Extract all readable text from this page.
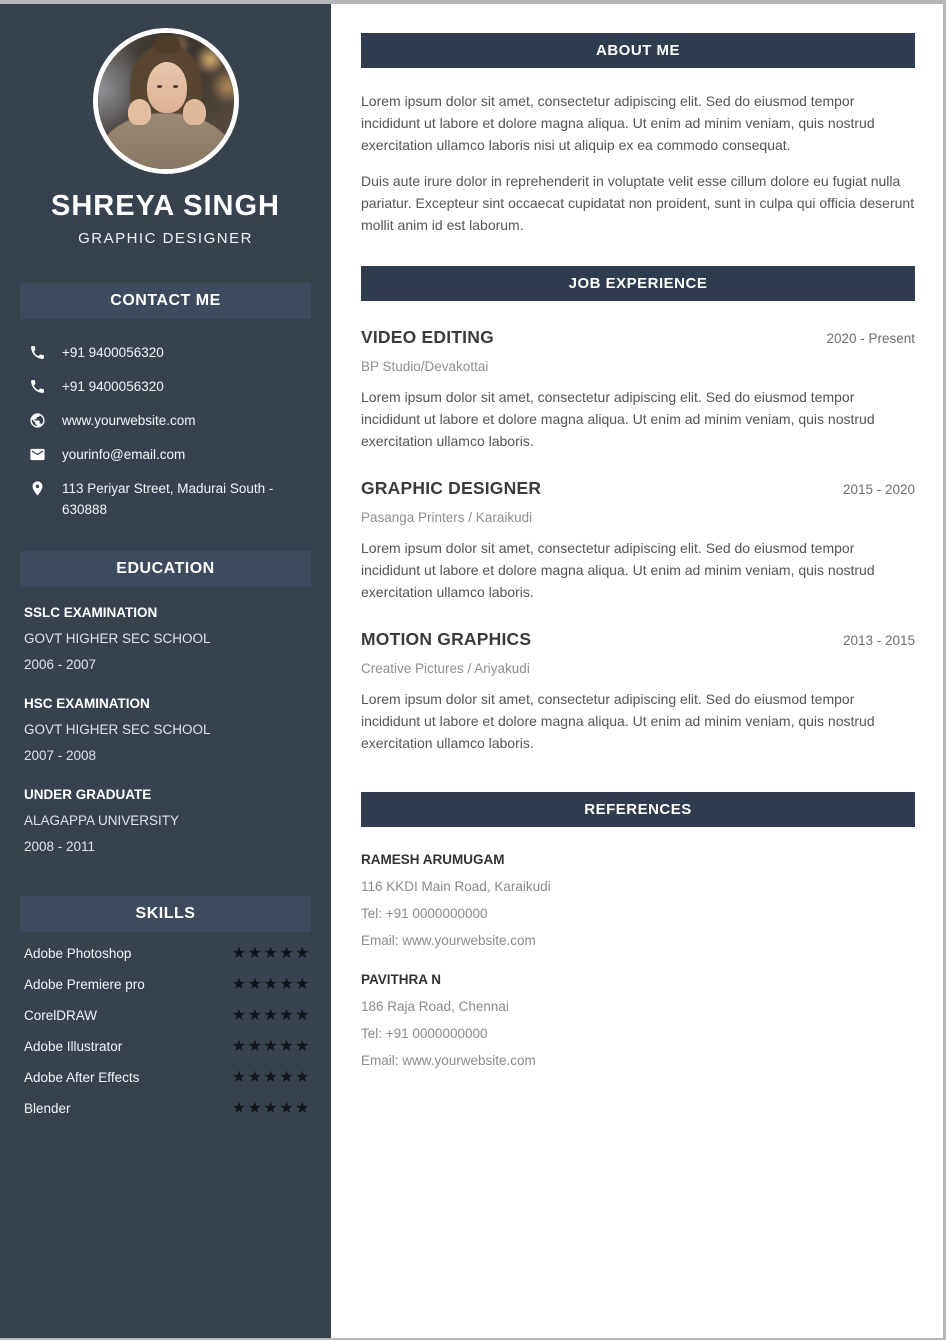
SHREYA SINGH
GRAPHIC DESIGNER
CONTACT ME
+91 9400056320
+91 9400056320
www.yourwebsite.com
yourinfo@email.com
113 Periyar Street, Madurai South - 630888
EDUCATION
SSLC EXAMINATION
GOVT HIGHER SEC SCHOOL
2006 - 2007
HSC EXAMINATION
GOVT HIGHER SEC SCHOOL
2007 - 2008
UNDER GRADUATE
ALAGAPPA UNIVERSITY
2008 - 2011
SKILLS
Adobe Photoshop	★★★★★
Adobe Premiere pro	★★★★★
CorelDRAW	★★★★★
Adobe Illustrator	★★★★★
Adobe After Effects	★★★★★
Blender	★★★★★
ABOUT ME

Lorem ipsum dolor sit amet, consectetur adipiscing elit. Sed do eiusmod tempor incididunt ut labore et dolore magna aliqua. Ut enim ad minim veniam, quis nostrud exercitation ullamco laboris nisi ut aliquip ex ea commodo consequat.

Duis aute irure dolor in reprehenderit in voluptate velit esse cillum dolore eu fugiat nulla pariatur. Excepteur sint occaecat cupidatat non proident, sunt in culpa qui officia deserunt mollit anim id est laborum.

JOB EXPERIENCE
VIDEO EDITING	2020 - Present
BP Studio/Devakottai
Lorem ipsum dolor sit amet, consectetur adipiscing elit. Sed do eiusmod tempor incididunt ut labore et dolore magna aliqua. Ut enim ad minim veniam, quis nostrud exercitation ullamco laboris.
GRAPHIC DESIGNER	2015 - 2020
Pasanga Printers / Karaikudi
Lorem ipsum dolor sit amet, consectetur adipiscing elit. Sed do eiusmod tempor incididunt ut labore et dolore magna aliqua. Ut enim ad minim veniam, quis nostrud exercitation ullamco laboris.
MOTION GRAPHICS	2013 - 2015
Creative Pictures / Ariyakudi
Lorem ipsum dolor sit amet, consectetur adipiscing elit. Sed do eiusmod tempor incididunt ut labore et dolore magna aliqua. Ut enim ad minim veniam, quis nostrud exercitation ullamco laboris.
REFERENCES
RAMESH ARUMUGAM
116 KKDI Main Road, Karaikudi
Tel: +91 0000000000
Email: www.yourwebsite.com
PAVITHRA N
186 Raja Road, Chennai
Tel: +91 0000000000
Email: www.yourwebsite.com
